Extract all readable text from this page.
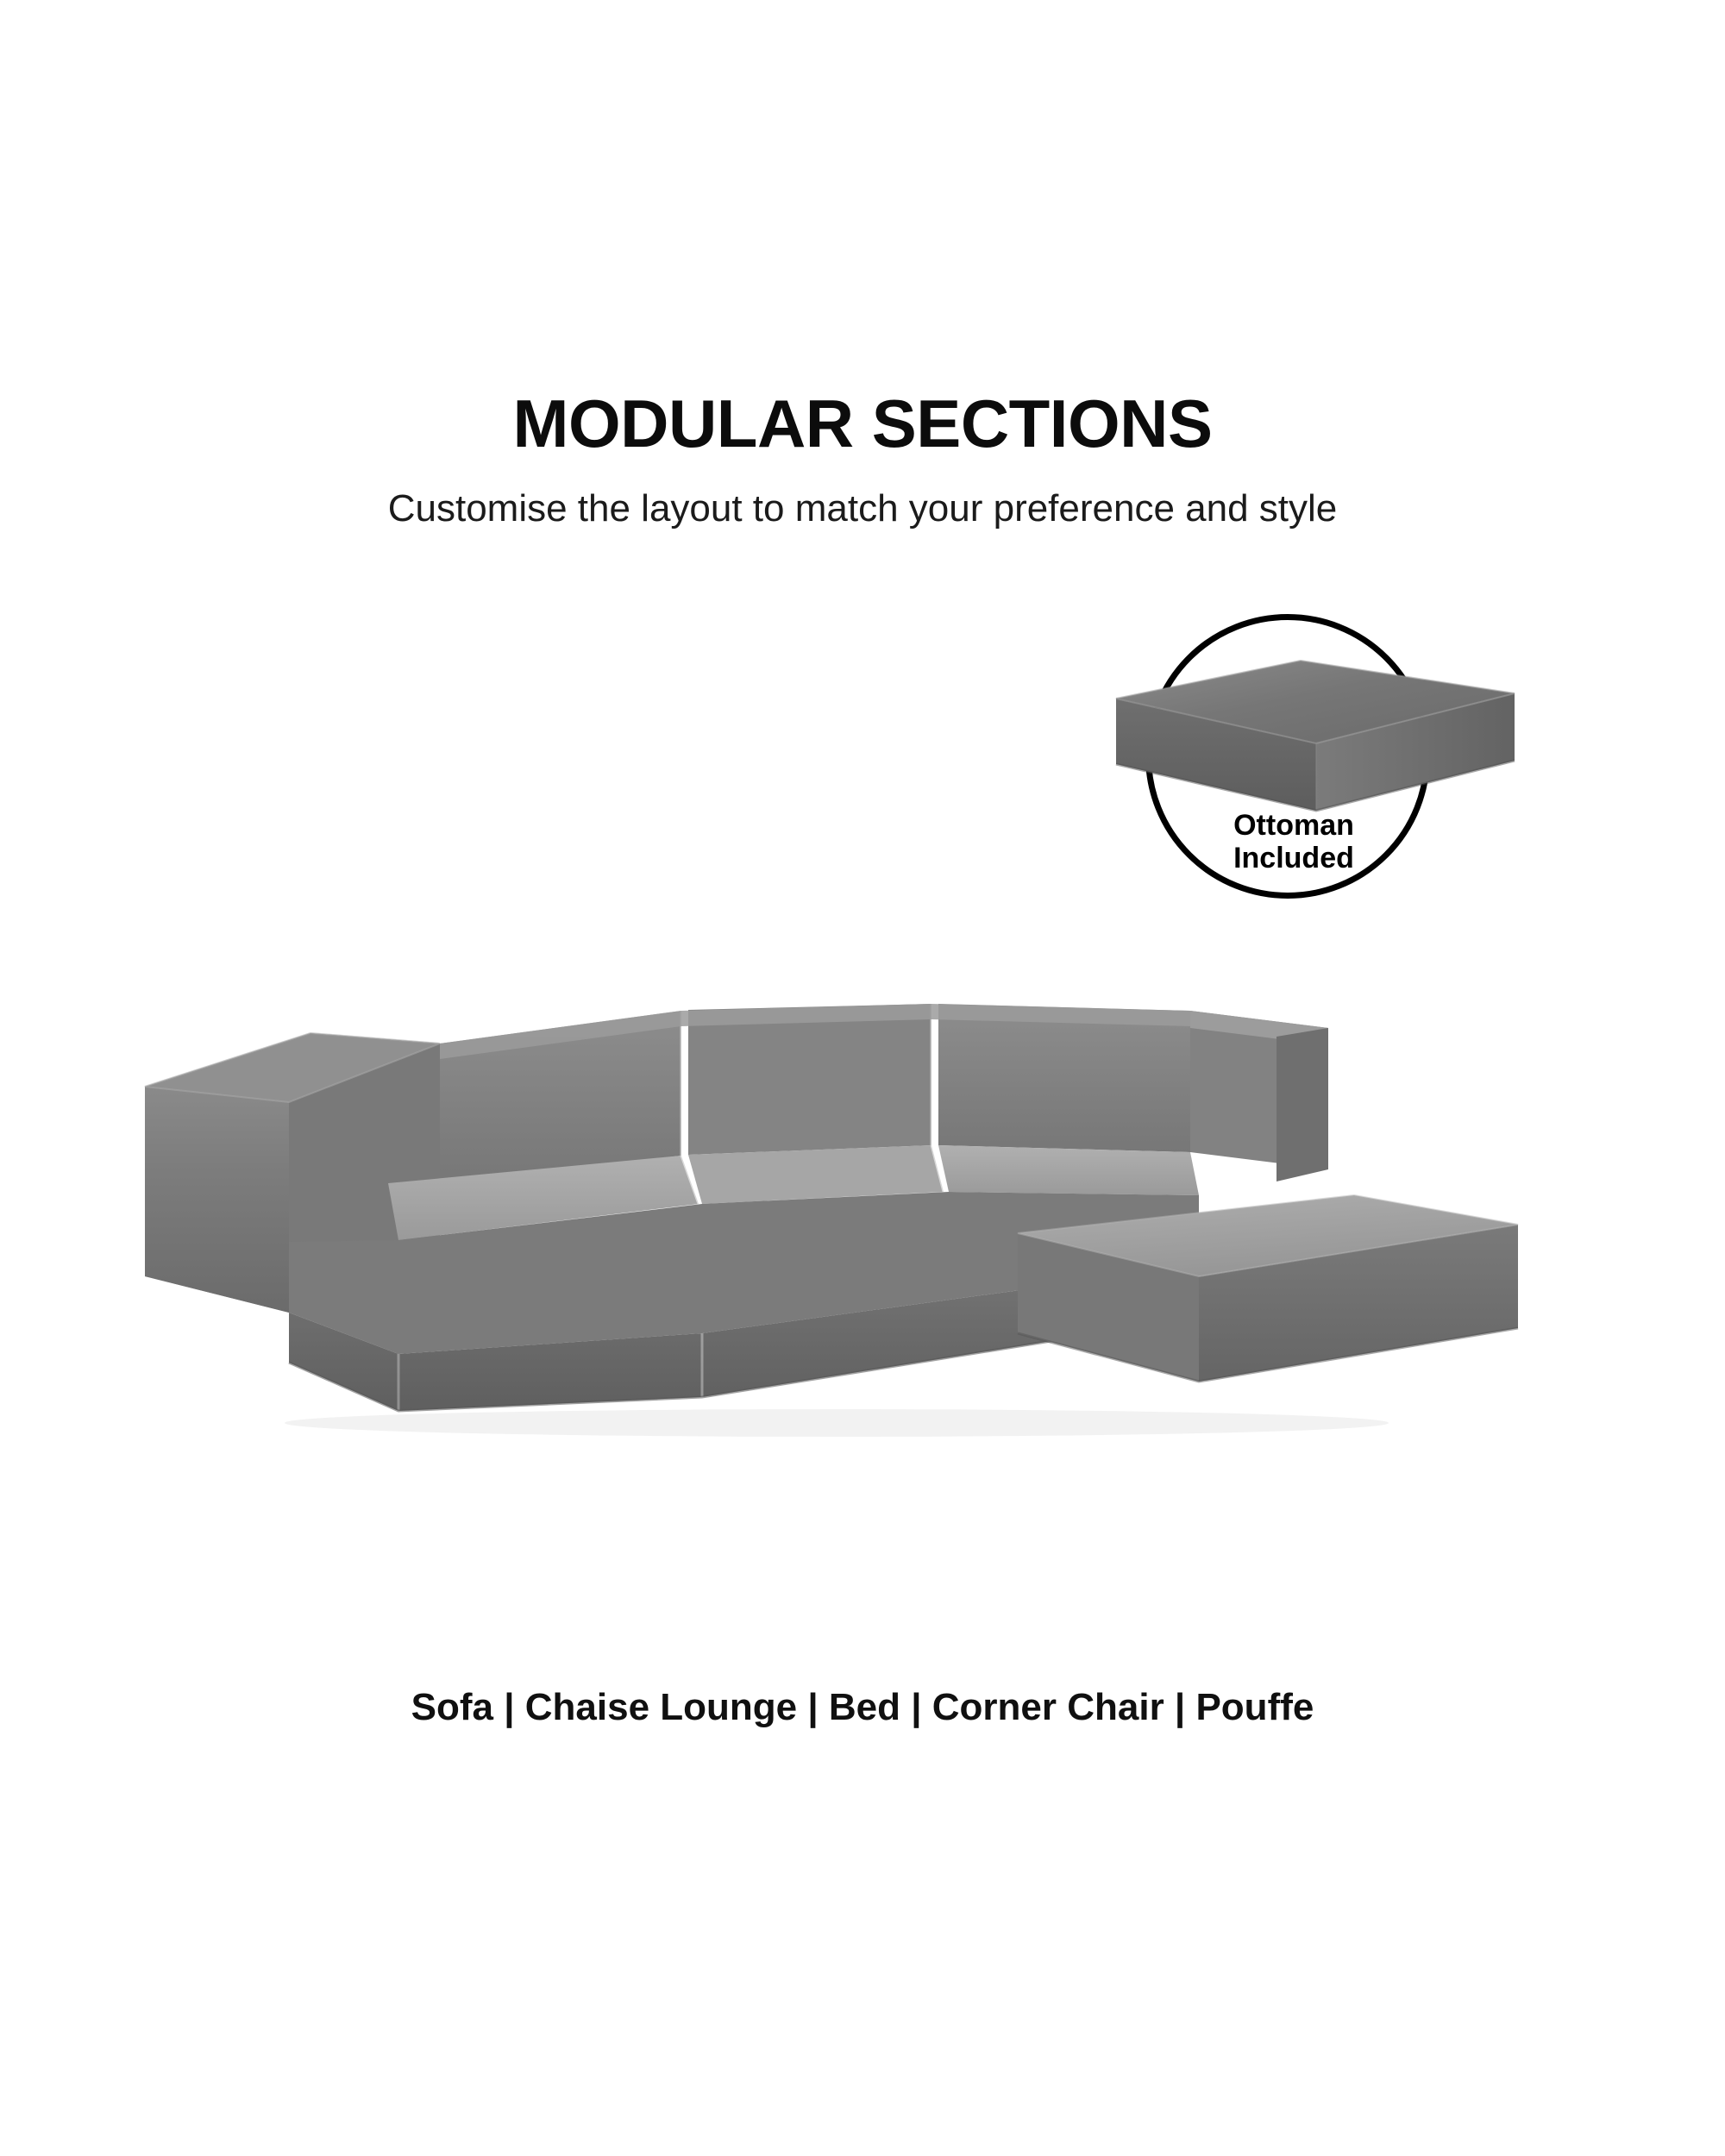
MODULAR SECTIONS

Customise the layout to match your preference and style

Ottoman
Included
Sofa | Chaise Lounge | Bed | Corner Chair | Pouffe
